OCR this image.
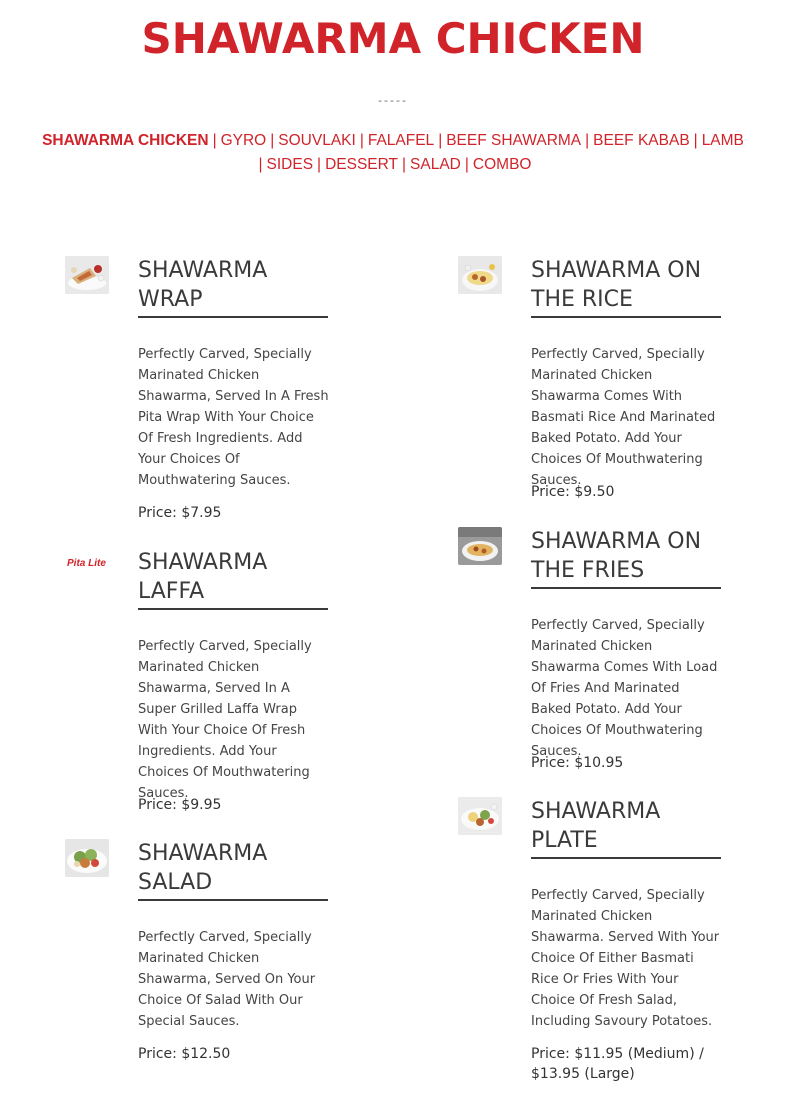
SHAWARMA CHICKEN
-----
SHAWARMA CHICKEN | GYRO | SOUVLAKI | FALAFEL | BEEF SHAWARMA | BEEF KABAB | LAMB
| SIDES | DESSERT | SALAD | COMBO
SHAWARMA WRAP

Perfectly Carved, Specially Marinated Chicken Shawarma, Served In A Fresh Pita Wrap With Your Choice Of Fresh Ingredients. Add Your Choices Of Mouthwatering Sauces.

Price: $7.95

Pita Lite SHAWARMA LAFFA

Perfectly Carved, Specially Marinated Chicken Shawarma, Served In A Super Grilled Laffa Wrap With Your Choice Of Fresh Ingredients. Add Your Choices Of Mouthwatering Sauces.

Price: $9.95

SHAWARMA SALAD

Perfectly Carved, Specially Marinated Chicken Shawarma, Served On Your Choice Of Salad With Our Special Sauces.

Price: $12.50

SHAWARMA ON THE RICE

Perfectly Carved, Specially Marinated Chicken Shawarma Comes With Basmati Rice And Marinated Baked Potato. Add Your Choices Of Mouthwatering Sauces.

Price: $9.50

SHAWARMA ON THE FRIES

Perfectly Carved, Specially Marinated Chicken Shawarma Comes With Load Of Fries And Marinated Baked Potato. Add Your Choices Of Mouthwatering Sauces.

Price: $10.95

SHAWARMA PLATE

Perfectly Carved, Specially Marinated Chicken Shawarma. Served With Your Choice Of Either Basmati Rice Or Fries With Your Choice Of Fresh Salad, Including Savoury Potatoes.

Price: $11.95 (Medium) / $13.95 (Large)
